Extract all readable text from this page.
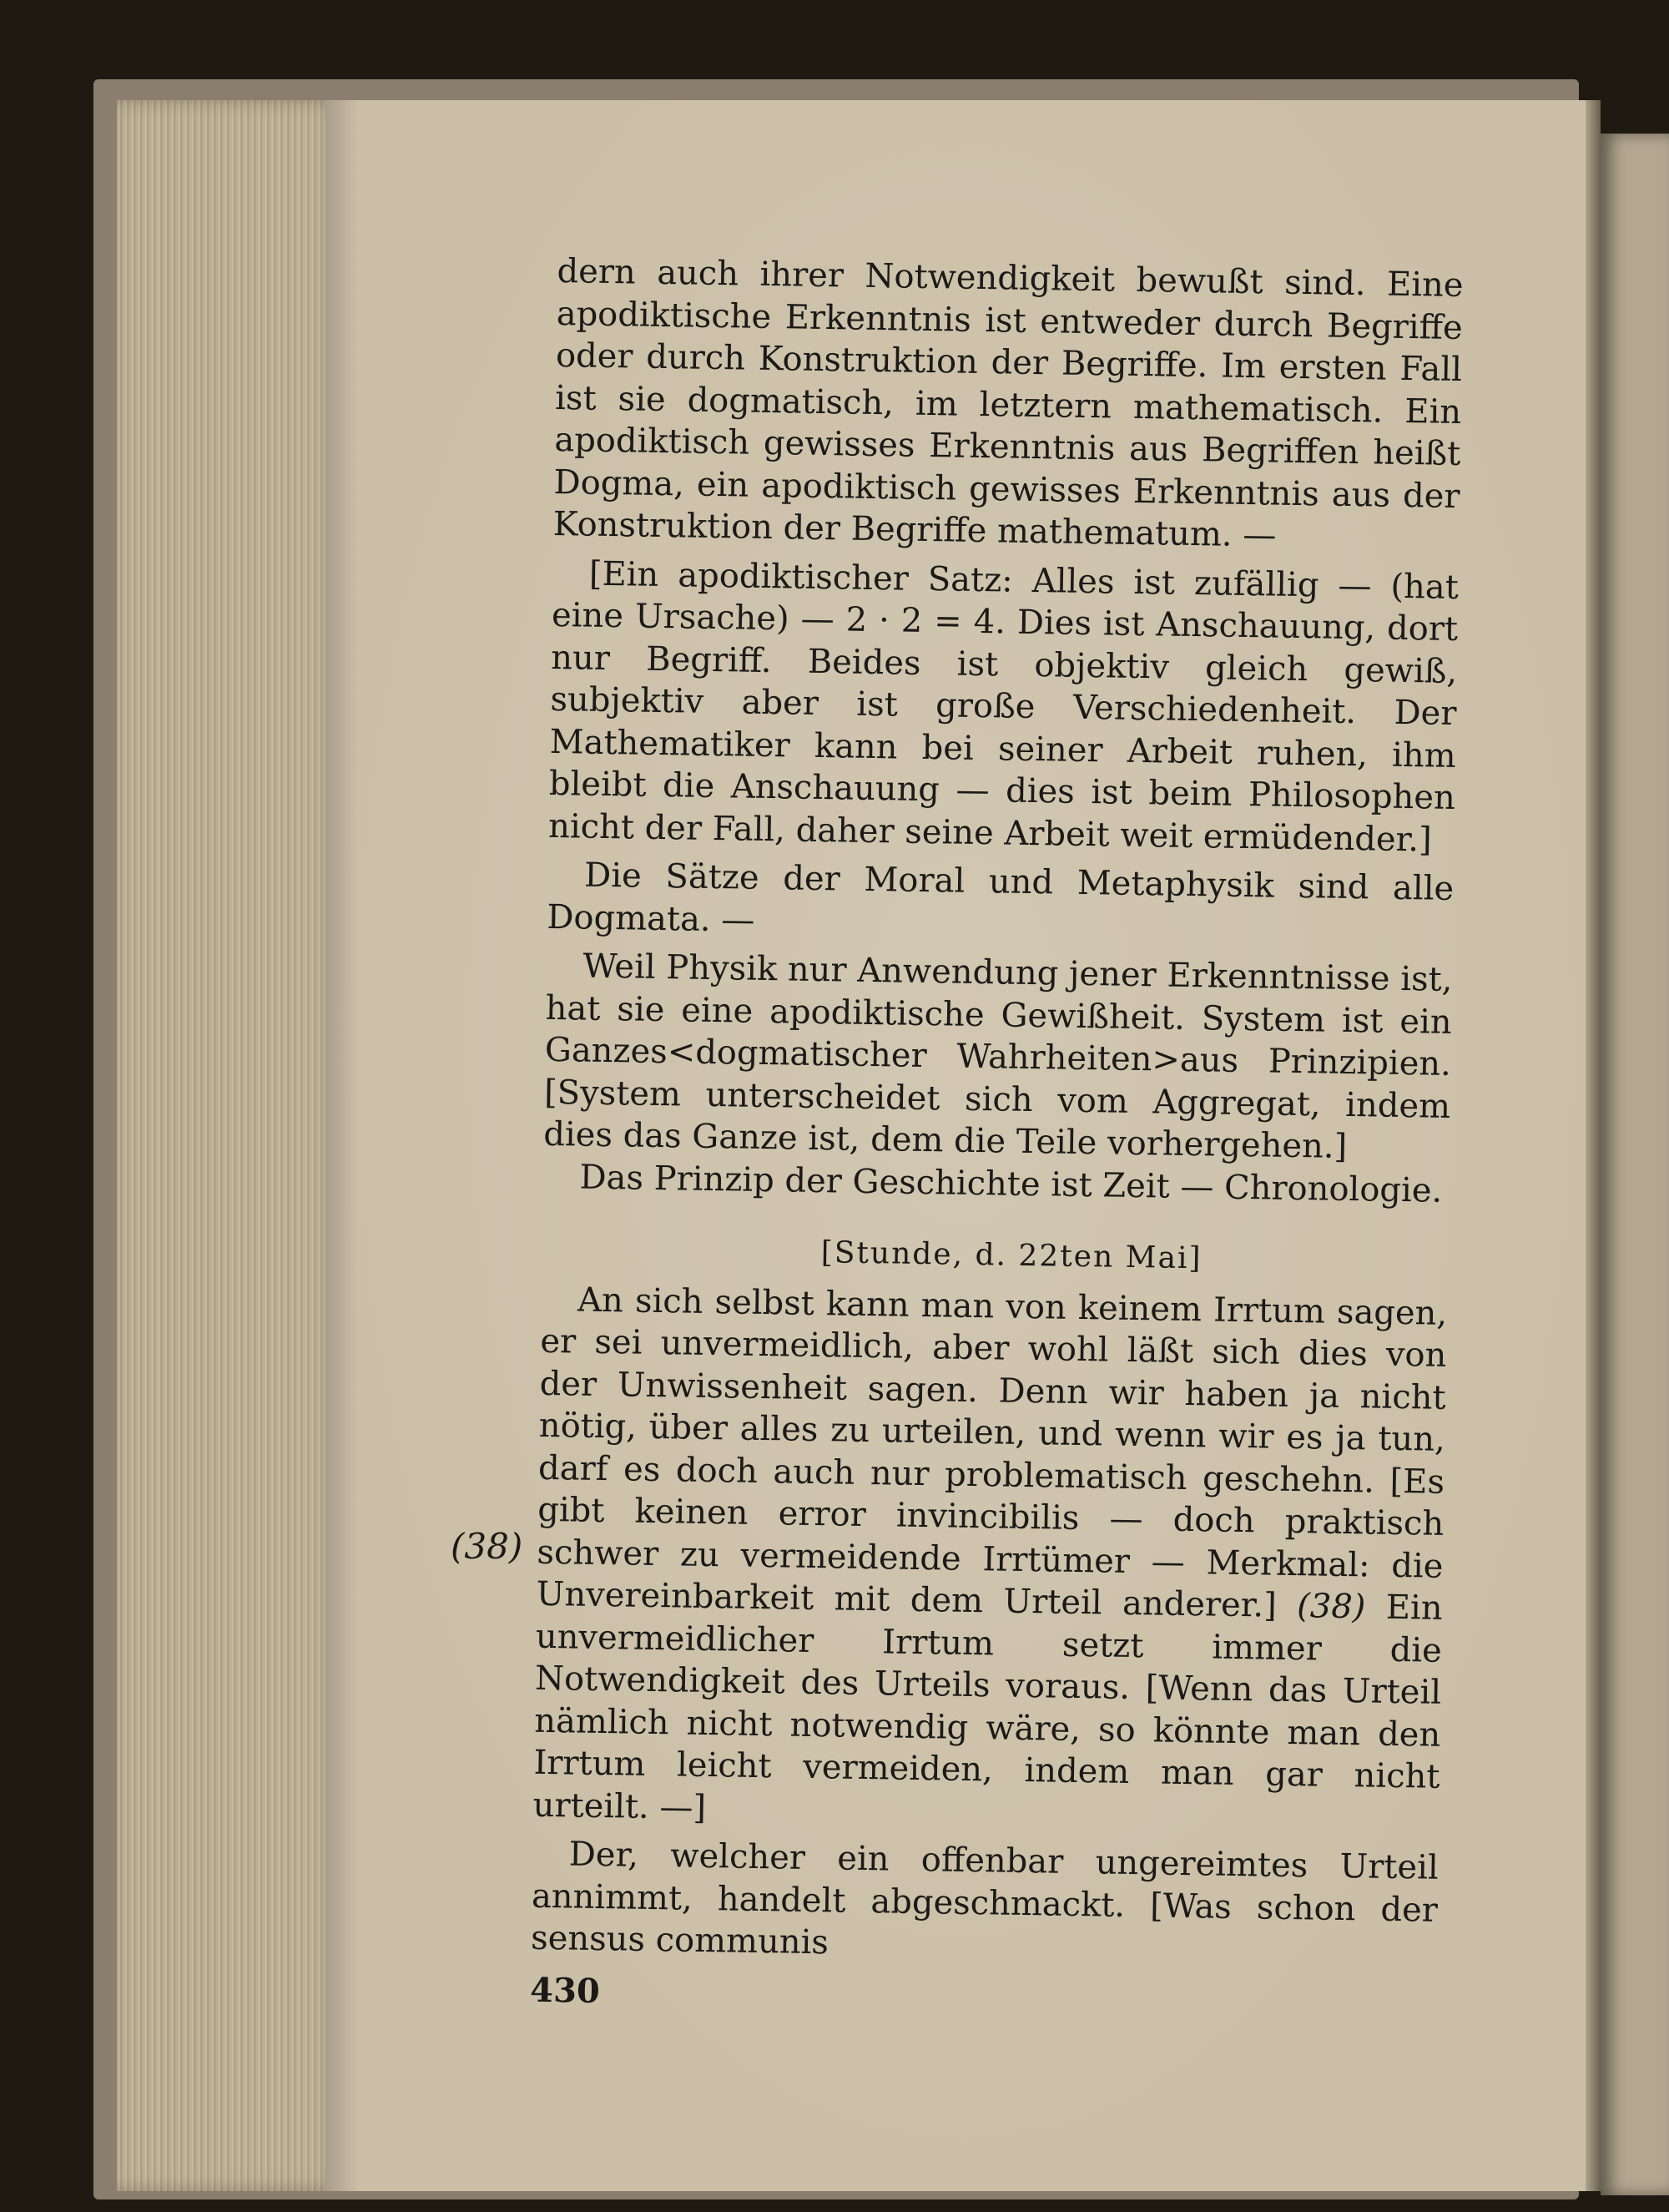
(38)

dern auch ihrer Notwendigkeit bewußt sind. Eine apodiktische Erkenntnis ist entweder durch Begriffe oder durch Konstruktion der Begriffe. Im ersten Fall ist sie dogmatisch, im letztern mathematisch. Ein apodiktisch gewisses Erkenntnis aus Begriffen heißt Dogma, ein apodiktisch gewisses Erkenntnis aus der Konstruktion der Begriffe mathematum. —

[Ein apodiktischer Satz: Alles ist zufällig — (hat eine Ursache) — 2 · 2 = 4. Dies ist Anschauung, dort nur Begriff. Beides ist objektiv gleich gewiß, subjektiv aber ist große Verschiedenheit. Der Mathematiker kann bei seiner Arbeit ruhen, ihm bleibt die Anschauung — dies ist beim Philosophen nicht der Fall, daher seine Arbeit weit ermüdender.]

Die Sätze der Moral und Metaphysik sind alle Dogmata. —

Weil Physik nur Anwendung jener Erkenntnisse ist, hat sie eine apodiktische Gewißheit. System ist ein Ganzes<dogmatischer Wahrheiten>aus Prinzipien. [System unterscheidet sich vom Aggregat, indem dies das Ganze ist, dem die Teile vorhergehen.]

Das Prinzip der Geschichte ist Zeit — Chronologie.

[Stunde, d. 22ten Mai]

An sich selbst kann man von keinem Irrtum sagen, er sei unvermeidlich, aber wohl läßt sich dies von der Unwissenheit sagen. Denn wir haben ja nicht nötig, über alles zu urteilen, und wenn wir es ja tun, darf es doch auch nur problematisch geschehn. [Es gibt keinen error invincibilis — doch praktisch schwer zu vermeidende Irrtümer — Merkmal: die Unvereinbarkeit mit dem Urteil anderer.] (38) Ein unvermeidlicher Irrtum setzt immer die Notwendigkeit des Urteils voraus. [Wenn das Urteil nämlich nicht notwendig wäre, so könnte man den Irrtum leicht vermeiden, indem man gar nicht urteilt. —]

Der, welcher ein offenbar ungereimtes Urteil annimmt, handelt abgeschmackt. [Was schon der sensus communis

430
